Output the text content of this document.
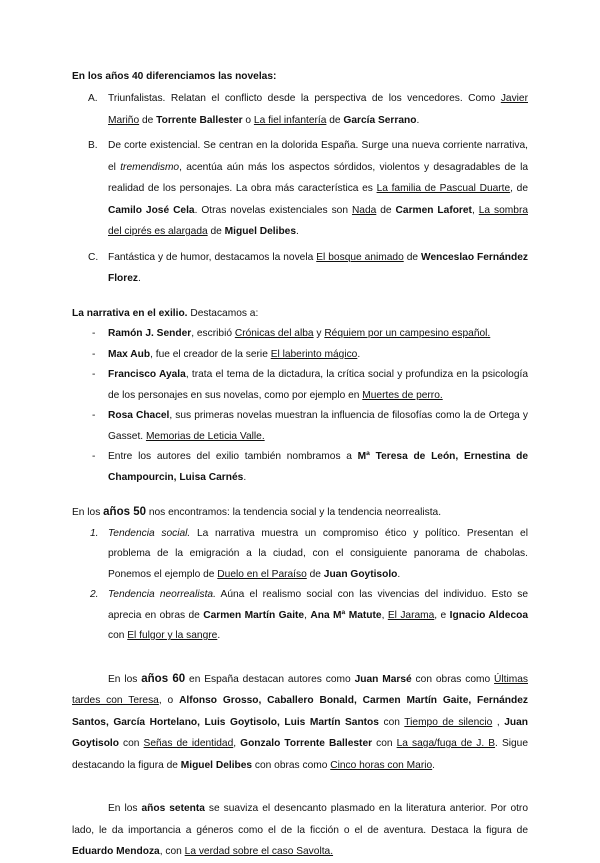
En los años 40 diferenciamos las novelas:

A. Triunfalistas. Relatan el conflicto desde la perspectiva de los vencedores. Como Javier Mariño de Torrente Ballester o La fiel infantería de García Serrano.
B. De corte existencial. Se centran en la dolorida España. Surge una nueva corriente narrativa, el tremendismo, acentúa aún más los aspectos sórdidos, violentos y desagradables de la realidad de los personajes. La obra más característica es La familia de Pascual Duarte, de Camilo José Cela. Otras novelas existenciales son Nada de Carmen Laforet, La sombra del ciprés es alargada de Miguel Delibes.
C. Fantástica y de humor, destacamos la novela El bosque animado de Wenceslao Fernández Florez.

La narrativa en el exilio. Destacamos a:

- Ramón J. Sender, escribió Crónicas del alba y Réquiem por un campesino español.
- Max Aub, fue el creador de la serie El laberinto mágico.
- Francisco Ayala, trata el tema de la dictadura, la crítica social y profundiza en la psicología de los personajes en sus novelas, como por ejemplo en Muertes de perro.
- Rosa Chacel, sus primeras novelas muestran la influencia de filosofías como la de Ortega y Gasset. Memorias de Leticia Valle.
- Entre los autores del exilio también nombramos a Mª Teresa de León, Ernestina de Champourcin, Luisa Carnés.

En los años 50 nos encontramos: la tendencia social y la tendencia neorrealista.

1. Tendencia social. La narrativa muestra un compromiso ético y político. Presentan el problema de la emigración a la ciudad, con el consiguiente panorama de chabolas. Ponemos el ejemplo de Duelo en el Paraíso de Juan Goytisolo.
2. Tendencia neorrealista. Aúna el realismo social con las vivencias del individuo. Esto se aprecia en obras de Carmen Martín Gaite, Ana Mª Matute, El Jarama, e Ignacio Aldecoa con El fulgor y la sangre.

En los años 60 en España destacan autores como Juan Marsé con obras como Últimas tardes con Teresa, o Alfonso Grosso, Caballero Bonald, Carmen Martín Gaite, Fernández Santos, García Hortelano, Luis Goytisolo, Luis Martín Santos con Tiempo de silencio , Juan Goytisolo con Señas de identidad, Gonzalo Torrente Ballester con La saga/fuga de J. B. Sigue destacando la figura de Miguel Delibes con obras como Cinco horas con Mario.

En los años setenta se suaviza el desencanto plasmado en la literatura anterior. Por otro lado, le da importancia a géneros como el de la ficción o el de aventura. Destaca la figura de Eduardo Mendoza, con La verdad sobre el caso Savolta.
